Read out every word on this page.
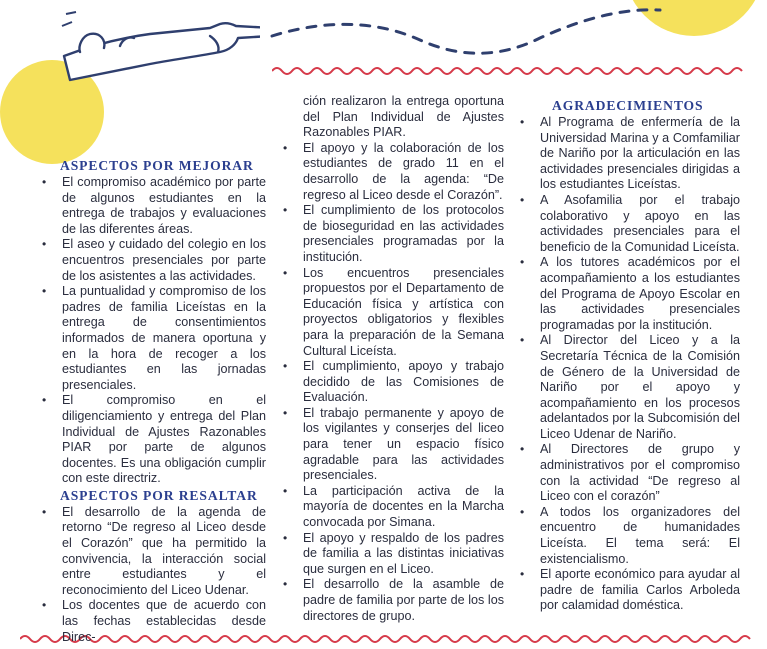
ASPECTOS POR MEJORAR
• El compromiso académico por parte de algunos estudiantes en la entrega de trabajos y evaluaciones de las diferentes áreas.
• El aseo y cuidado del colegio en los encuentros presenciales por parte de los asistentes a las actividades.
• La puntualidad y compromiso de los padres de familia Liceístas en la entrega de consentimientos informados de manera oportuna y en la hora de recoger a los estudiantes en las jornadas presenciales.
• El compromiso en el diligenciamiento y entrega del Plan Individual de Ajustes Razonables PIAR por parte de algunos docentes. Es una obligación cumplir con este directriz.
ASPECTOS POR RESALTAR
• El desarrollo de la agenda de retorno “De regreso al Liceo desde el Corazón” que ha permitido la convivencia, la interacción social entre estudiantes y el reconocimiento del Liceo Udenar.
• Los docentes que de acuerdo con las fechas establecidas desde Direc-

ción realizaron la entrega oportuna del Plan Individual de Ajustes Razonables PIAR.

• El apoyo y la colaboración de los estudiantes de grado 11 en el desarrollo de la agenda: “De regreso al Liceo desde el Corazón”.
• El cumplimiento de los protocolos de bioseguridad en las actividades presenciales programadas por la institución.
• Los encuentros presenciales propuestos por el Departamento de Educación física y artística con proyectos obligatorios y flexibles para la preparación de la Semana Cultural Liceísta.
• El cumplimiento, apoyo y trabajo decidido de las Comisiones de Evaluación.
• El trabajo permanente y apoyo de los vigilantes y conserjes del liceo para tener un espacio físico agradable para las actividades presenciales.
• La participación activa de la mayoría de docentes en la Marcha convocada por Simana.
• El apoyo y respaldo de los padres de familia a las distintas iniciativas que surgen en el Liceo.
• El desarrollo de la asamble de padre de familia por parte de los los directores de grupo.
AGRADECIMIENTOS
• Al Programa de enfermería de la Universidad Marina y a Comfamiliar de Nariño por la articulación en las actividades presenciales dirigidas a los estudiantes Liceístas.
• A Asofamilia por el trabajo colaborativo y apoyo en las actividades presenciales para el beneficio de la Comunidad Liceísta.
• A los tutores académicos por el acompañamiento a los estudiantes del Programa de Apoyo Escolar en las actividades presenciales programadas por la institución.
• Al Director del Liceo y a la Secretaría Técnica de la Comisión de Género de la Universidad de Nariño por el apoyo y acompañamiento en los procesos adelantados por la Subcomisión del Liceo Udenar de Nariño.
• Al Directores de grupo y administrativos por el compromiso con la actividad “De regreso al Liceo con el corazón”
• A todos los organizadores del encuentro de humanidades Liceísta. El tema será: El existencialismo.
• El aporte económico para ayudar al padre de familia Carlos Arboleda por calamidad doméstica.
